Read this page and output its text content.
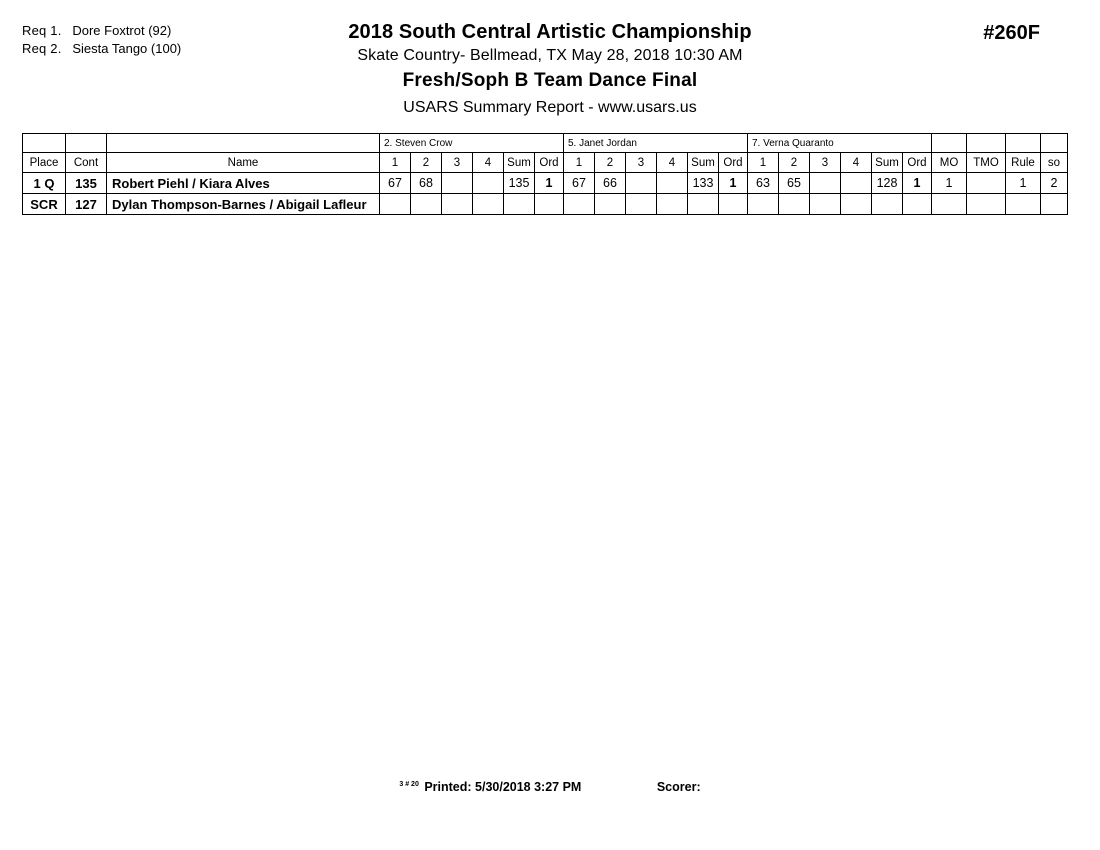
Req 1. Dore Foxtrot (92)
Req 2. Siesta Tango (100)
2018 South Central Artistic Championship
Skate Country- Bellmead, TX May 28, 2018 10:30 AM
Fresh/Soph B Team Dance Final
USARS Summary Report - www.usars.us
#260F
			2. Steven Crow						5. Janet Jordan						7. Verna Quaranto									
Place	Cont	Name	1	2	3	4	Sum	Ord	1	2	3	4	Sum	Ord	1	2	3	4	Sum	Ord	MO	TMO	Rule	so
1 Q	135	Robert Piehl / Kiara Alves	67	68			135	1	67	66			133	1	63	65			128	1	1		1	2
SCR	127	Dylan Thompson-Barnes / Abigail Lafleur																						
$^{3 \# 20}$ Printed: 5/30/2018 3:27 PM	Scorer:
